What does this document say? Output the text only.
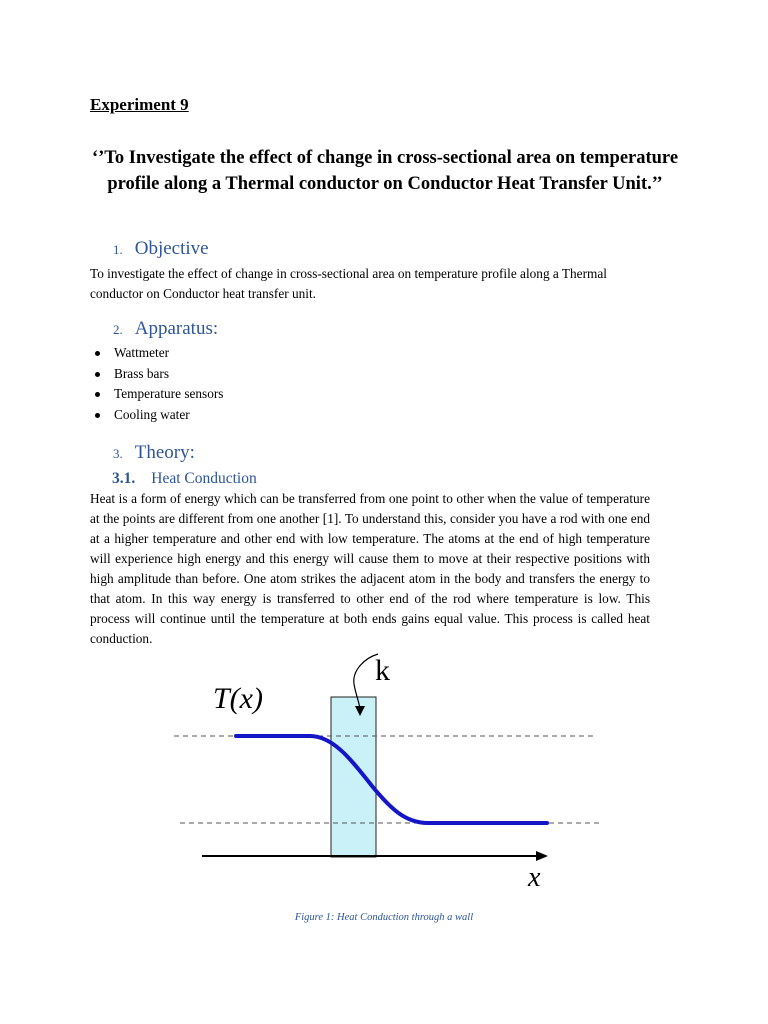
Experiment 9
‘’To Investigate the effect of change in cross-sectional area on temperature profile along a Thermal conductor on Conductor Heat Transfer Unit.’’
1. Objective
To investigate the effect of change in cross-sectional area on temperature profile along a Thermal conductor on Conductor heat transfer unit.
2. Apparatus:
Wattmeter
Brass bars
Temperature sensors
Cooling water
3. Theory:
3.1. Heat Conduction
Heat is a form of energy which can be transferred from one point to other when the value of temperature at the points are different from one another [1]. To understand this, consider you have a rod with one end at a higher temperature and other end with low temperature. The atoms at the end of high temperature will experience high energy and this energy will cause them to move at their respective positions with high amplitude than before. One atom strikes the adjacent atom in the body and transfers the energy to that atom. In this way energy is transferred to other end of the rod where temperature is low. This process will continue until the temperature at both ends gains equal value. This process is called heat conduction.
T(x)
k
x
Figure 1: Heat Conduction through a wall
